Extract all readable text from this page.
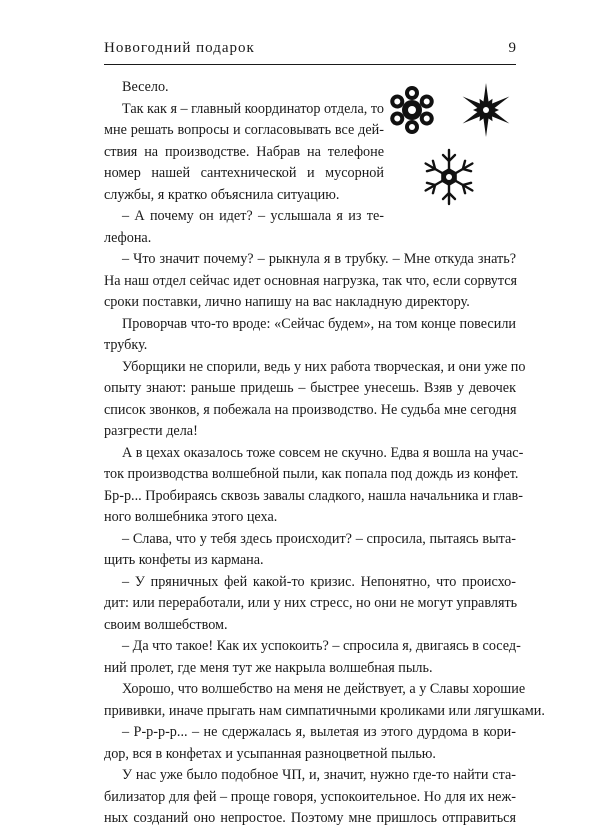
Новогодний подарок	9
Весело.
Так как я – главный координатор отдела, то
мне решать вопросы и согласовывать все дей-
ствия на производстве. Набрав на телефоне
номер нашей сантехнической и мусорной
службы, я кратко объяснила ситуацию.
– А почему он идет? – услышала я из те-
лефона.
– Что значит почему? – рыкнула я в трубку. – Мне откуда знать?
На наш отдел сейчас идет основная нагрузка, так что, если сорвутся
сроки поставки, лично напишу на вас накладную директору.
Проворчав что-то вроде: «Сейчас будем», на том конце повесили
трубку.
Уборщики не спорили, ведь у них работа творческая, и они уже по
опыту знают: раньше придешь – быстрее унесешь. Взяв у девочек
список звонков, я побежала на производство. Не судьба мне сегодня
разгрести дела!
А в цехах оказалось тоже совсем не скучно. Едва я вошла на учас-
ток производства волшебной пыли, как попала под дождь из конфет.
Бр-р... Пробираясь сквозь завалы сладкого, нашла начальника и глав-
ного волшебника этого цеха.
– Слава, что у тебя здесь происходит? – спросила, пытаясь выта-
щить конфеты из кармана.
– У пряничных фей какой-то кризис. Непонятно, что происхо-
дит: или переработали, или у них стресс, но они не могут управлять
своим волшебством.
– Да что такое! Как их успокоить? – спросила я, двигаясь в сосед-
ний пролет, где меня тут же накрыла волшебная пыль.
Хорошо, что волшебство на меня не действует, а у Славы хорошие
прививки, иначе прыгать нам симпатичными кроликами или лягушками.
– Р-р-р-р... – не сдержалась я, вылетая из этого дурдома в кори-
дор, вся в конфетах и усыпанная разноцветной пылью.
У нас уже было подобное ЧП, и, значит, нужно где-то найти ста-
билизатор для фей – проще говоря, успокоительное. Но для их неж-
ных созданий оно непростое. Поэтому мне пришлось отправиться
